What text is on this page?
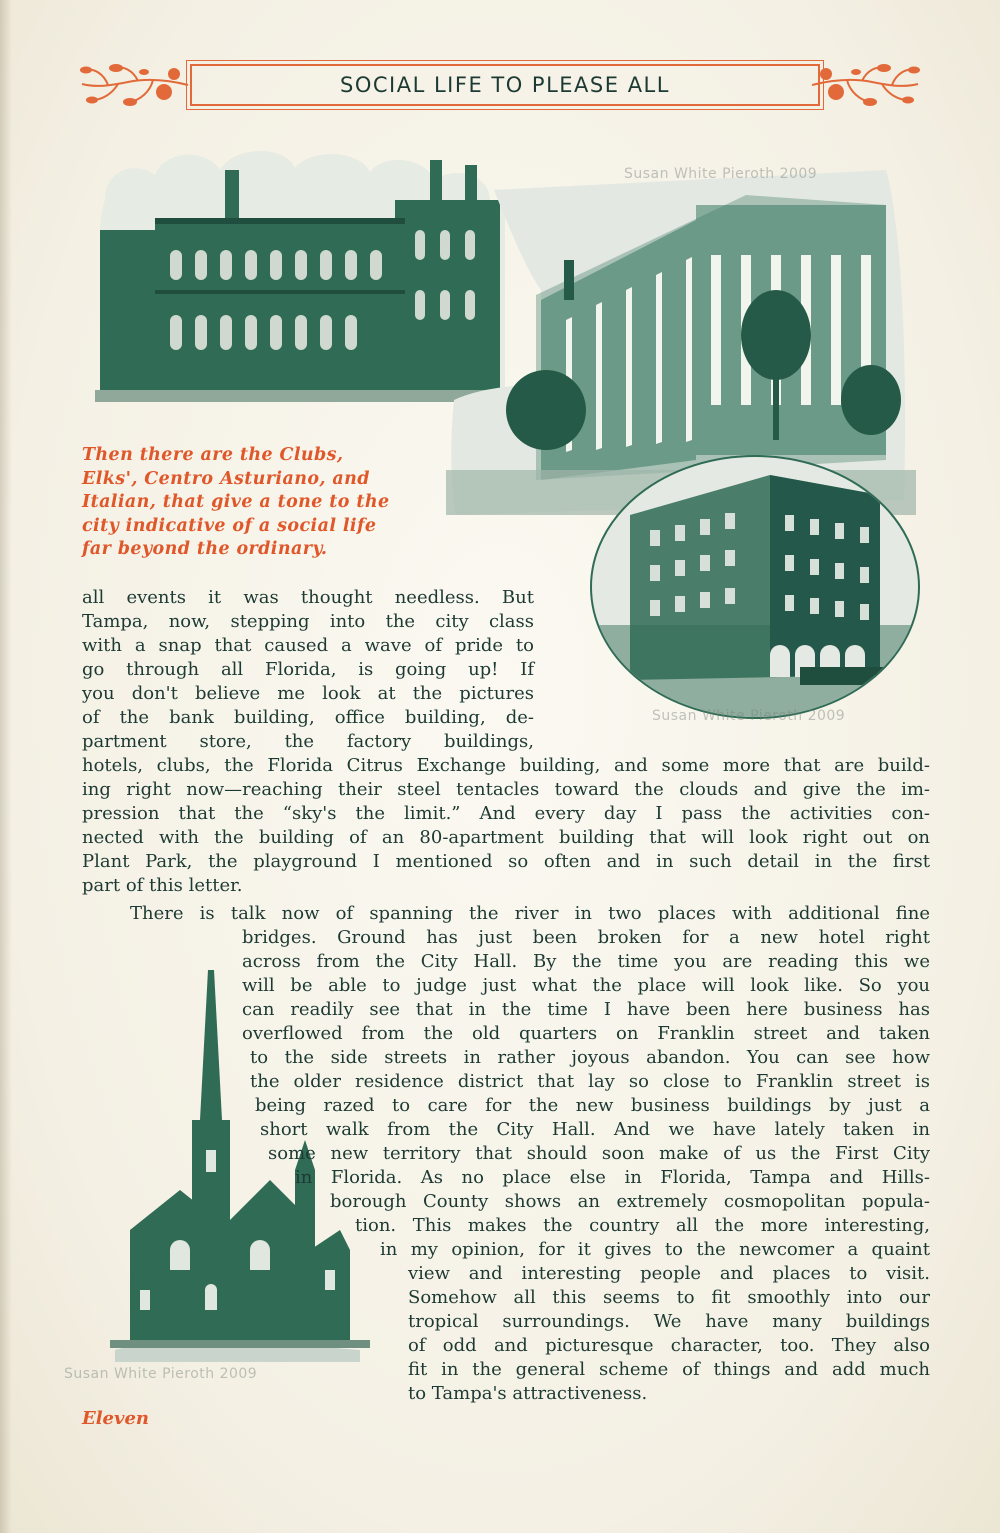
SOCIAL LIFE TO PLEASE ALL
Then there are the Clubs,
Elks', Centro Asturiano, and
Italian, that give a tone to the
city indicative of a social life
far beyond the ordinary.
all events it was thought needless. But
Tampa, now, stepping into the city class
with a snap that caused a wave of pride to
go through all Florida, is going up! If
you don't believe me look at the pictures
of the bank building, office building, de-
partment store, the factory buildings,
hotels, clubs, the Florida Citrus Exchange building, and some more that are build-
ing right now—reaching their steel tentacles toward the clouds and give the im-
pression that the “sky's the limit.” And every day I pass the activities con-
nected with the building of an 80-apartment building that will look right out on
Plant Park, the playground I mentioned so often and in such detail in the first
part of this letter.
There is talk now of spanning the river in two places with additional fine
bridges. Ground has just been broken for a new hotel right
across from the City Hall. By the time you are reading this we
will be able to judge just what the place will look like. So you
can readily see that in the time I have been here business has
overflowed from the old quarters on Franklin street and taken
to the side streets in rather joyous abandon. You can see how
the older residence district that lay so close to Franklin street is
being razed to care for the new business buildings by just a
short walk from the City Hall. And we have lately taken in
some new territory that should soon make of us the First City
in Florida. As no place else in Florida, Tampa and Hills-
borough County shows an extremely cosmopolitan popula-
tion. This makes the country all the more interesting,
in my opinion, for it gives to the newcomer a quaint
view and interesting people and places to visit.
Somehow all this seems to fit smoothly into our
tropical surroundings. We have many buildings
of odd and picturesque character, too. They also
fit in the general scheme of things and add much
to Tampa's attractiveness.
Susan White Pieroth 2009
Susan White Pieroth 2009
Susan White Pieroth 2009
Eleven
